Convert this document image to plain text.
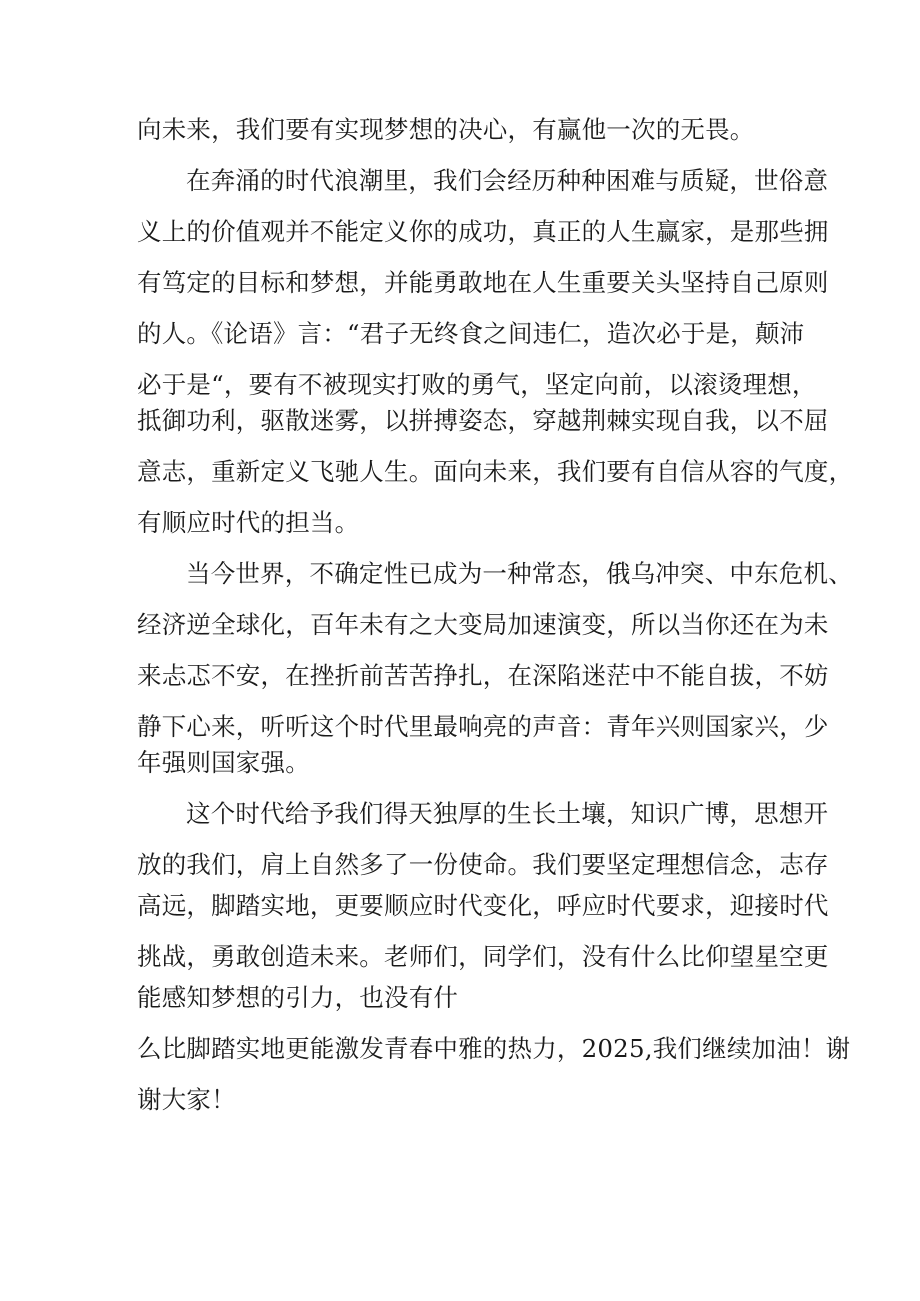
向未来，我们要有实现梦想的决心，有赢他一次的无畏。
在奔涌的时代浪潮里，我们会经历种种困难与质疑，世俗意
义上的价值观并不能定义你的成功，真正的人生赢家，是那些拥
有笃定的目标和梦想，并能勇敢地在人生重要关头坚持自己原则
的人。《论语》言：“君子无终食之间违仁，造次必于是，颠沛
必于是“，要有不被现实打败的勇气，坚定向前，以滚烫理想，
抵御功利，驱散迷雾，以拼搏姿态，穿越荆棘实现自我，以不屈
意志，重新定义飞驰人生。面向未来，我们要有自信从容的气度，
有顺应时代的担当。
当今世界，不确定性已成为一种常态，俄乌冲突、中东危机、
经济逆全球化，百年未有之大变局加速演变，所以当你还在为未
来忐忑不安，在挫折前苦苦挣扎，在深陷迷茫中不能自拔，不妨
静下心来，听听这个时代里最响亮的声音：青年兴则国家兴，少
年强则国家强。
这个时代给予我们得天独厚的生长土壤，知识广博，思想开
放的我们，肩上自然多了一份使命。我们要坚定理想信念，志存
高远，脚踏实地，更要顺应时代变化，呼应时代要求，迎接时代
挑战，勇敢创造未来。老师们，同学们，没有什么比仰望星空更
能感知梦想的引力，也没有什
么比脚踏实地更能激发青春中雅的热力，2025,我们继续加油！谢
谢大家！
